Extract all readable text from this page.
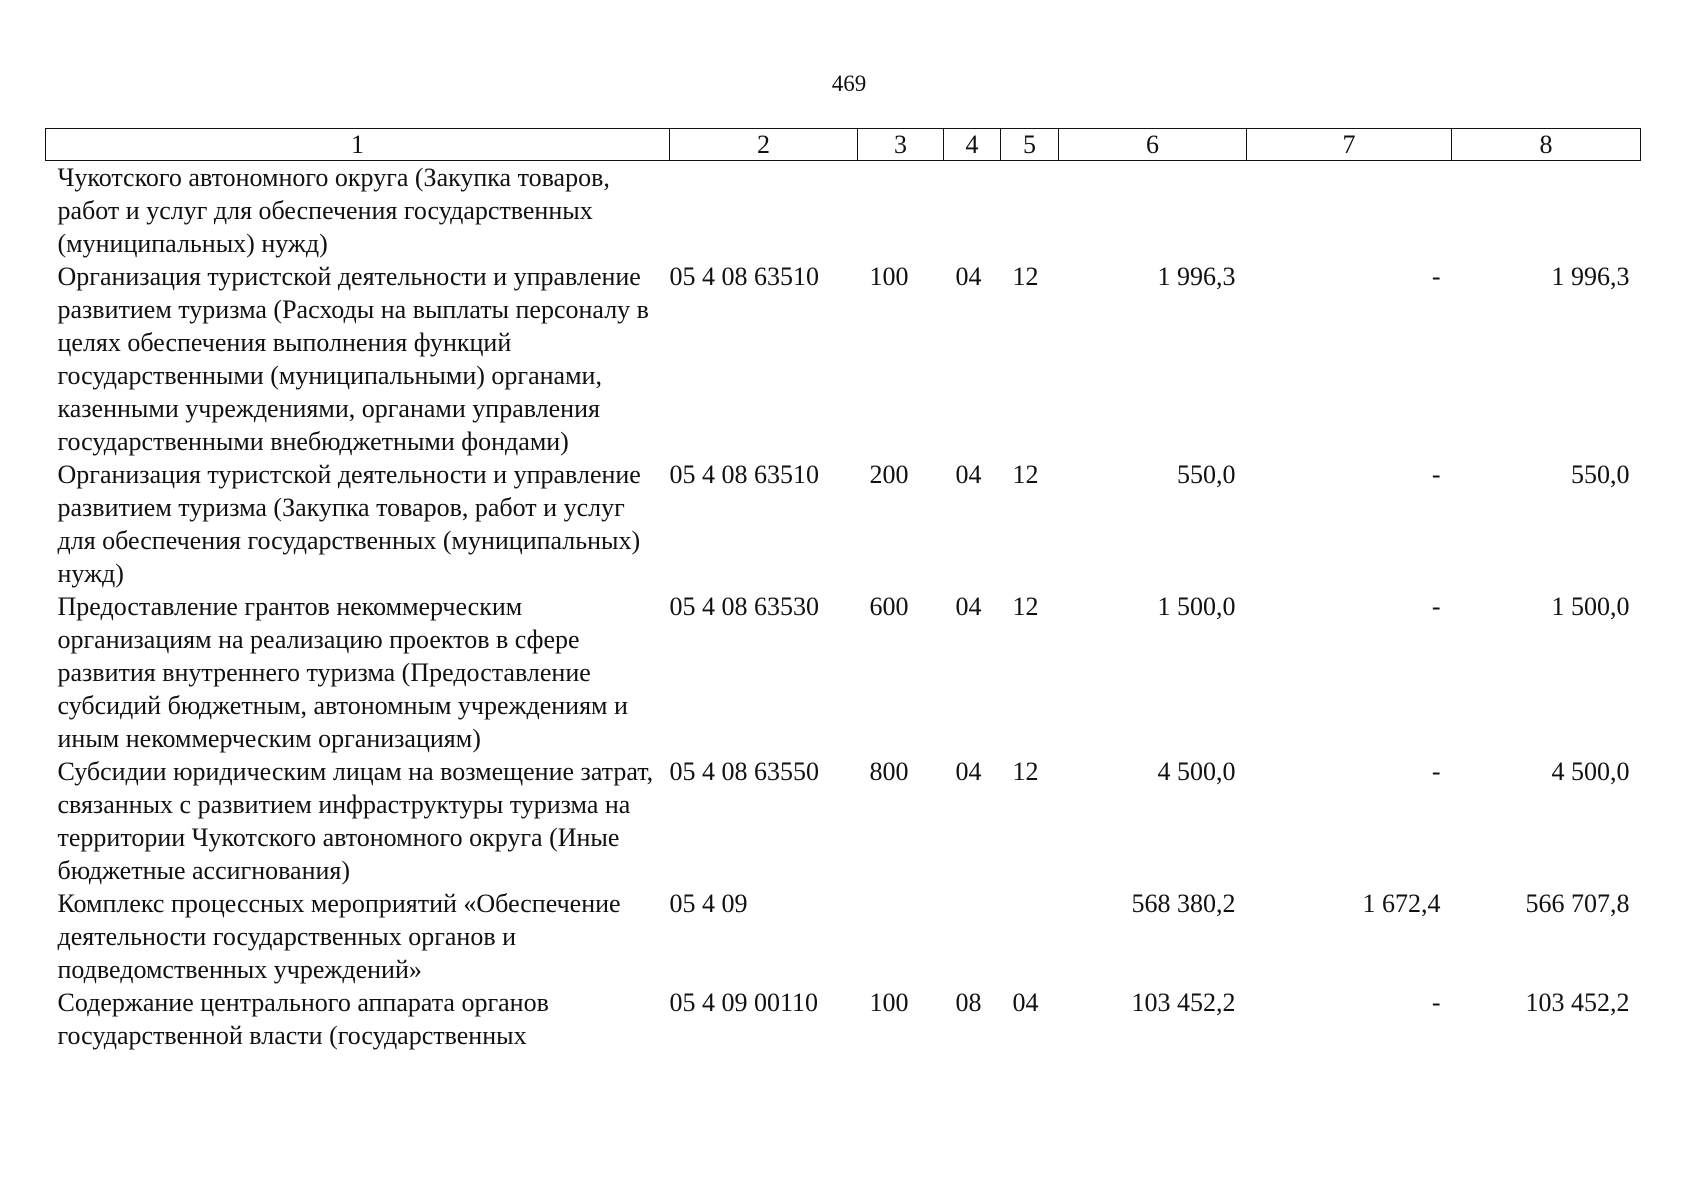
469
1	2	3	4	5	6	7	8
Чукотского автономного округа (Закупка товаров, работ и услуг для обеспечения государственных (муниципальных) нужд)							
Организация туристской деятельности и управление развитием туризма (Расходы на выплаты персоналу в целях обеспечения выполнения функций государственными (муниципальными) органами, казенными учреждениями, органами управления государственными внебюджетными фондами)	05 4 08 63510	100	04	12	1 996,3	-	1 996,3
Организация туристской деятельности и управление развитием туризма (Закупка товаров, работ и услуг для обеспечения государственных (муниципальных) нужд)	05 4 08 63510	200	04	12	550,0	-	550,0
Предоставление грантов некоммерческим организациям на реализацию проектов в сфере развития внутреннего туризма (Предоставление субсидий бюджетным, автономным учреждениям и иным некоммерческим организациям)	05 4 08 63530	600	04	12	1 500,0	-	1 500,0
Субсидии юридическим лицам на возмещение затрат, связанных с развитием инфраструктуры туризма на территории Чукотского автономного округа (Иные бюджетные ассигнования)	05 4 08 63550	800	04	12	4 500,0	-	4 500,0
Комплекс процессных мероприятий «Обеспечение деятельности государственных органов и подведомственных учреждений»	05 4 09				568 380,2	1 672,4	566 707,8
Содержание центрального аппарата органов государственной власти (государственных	05 4 09 00110	100	08	04	103 452,2	-	103 452,2
